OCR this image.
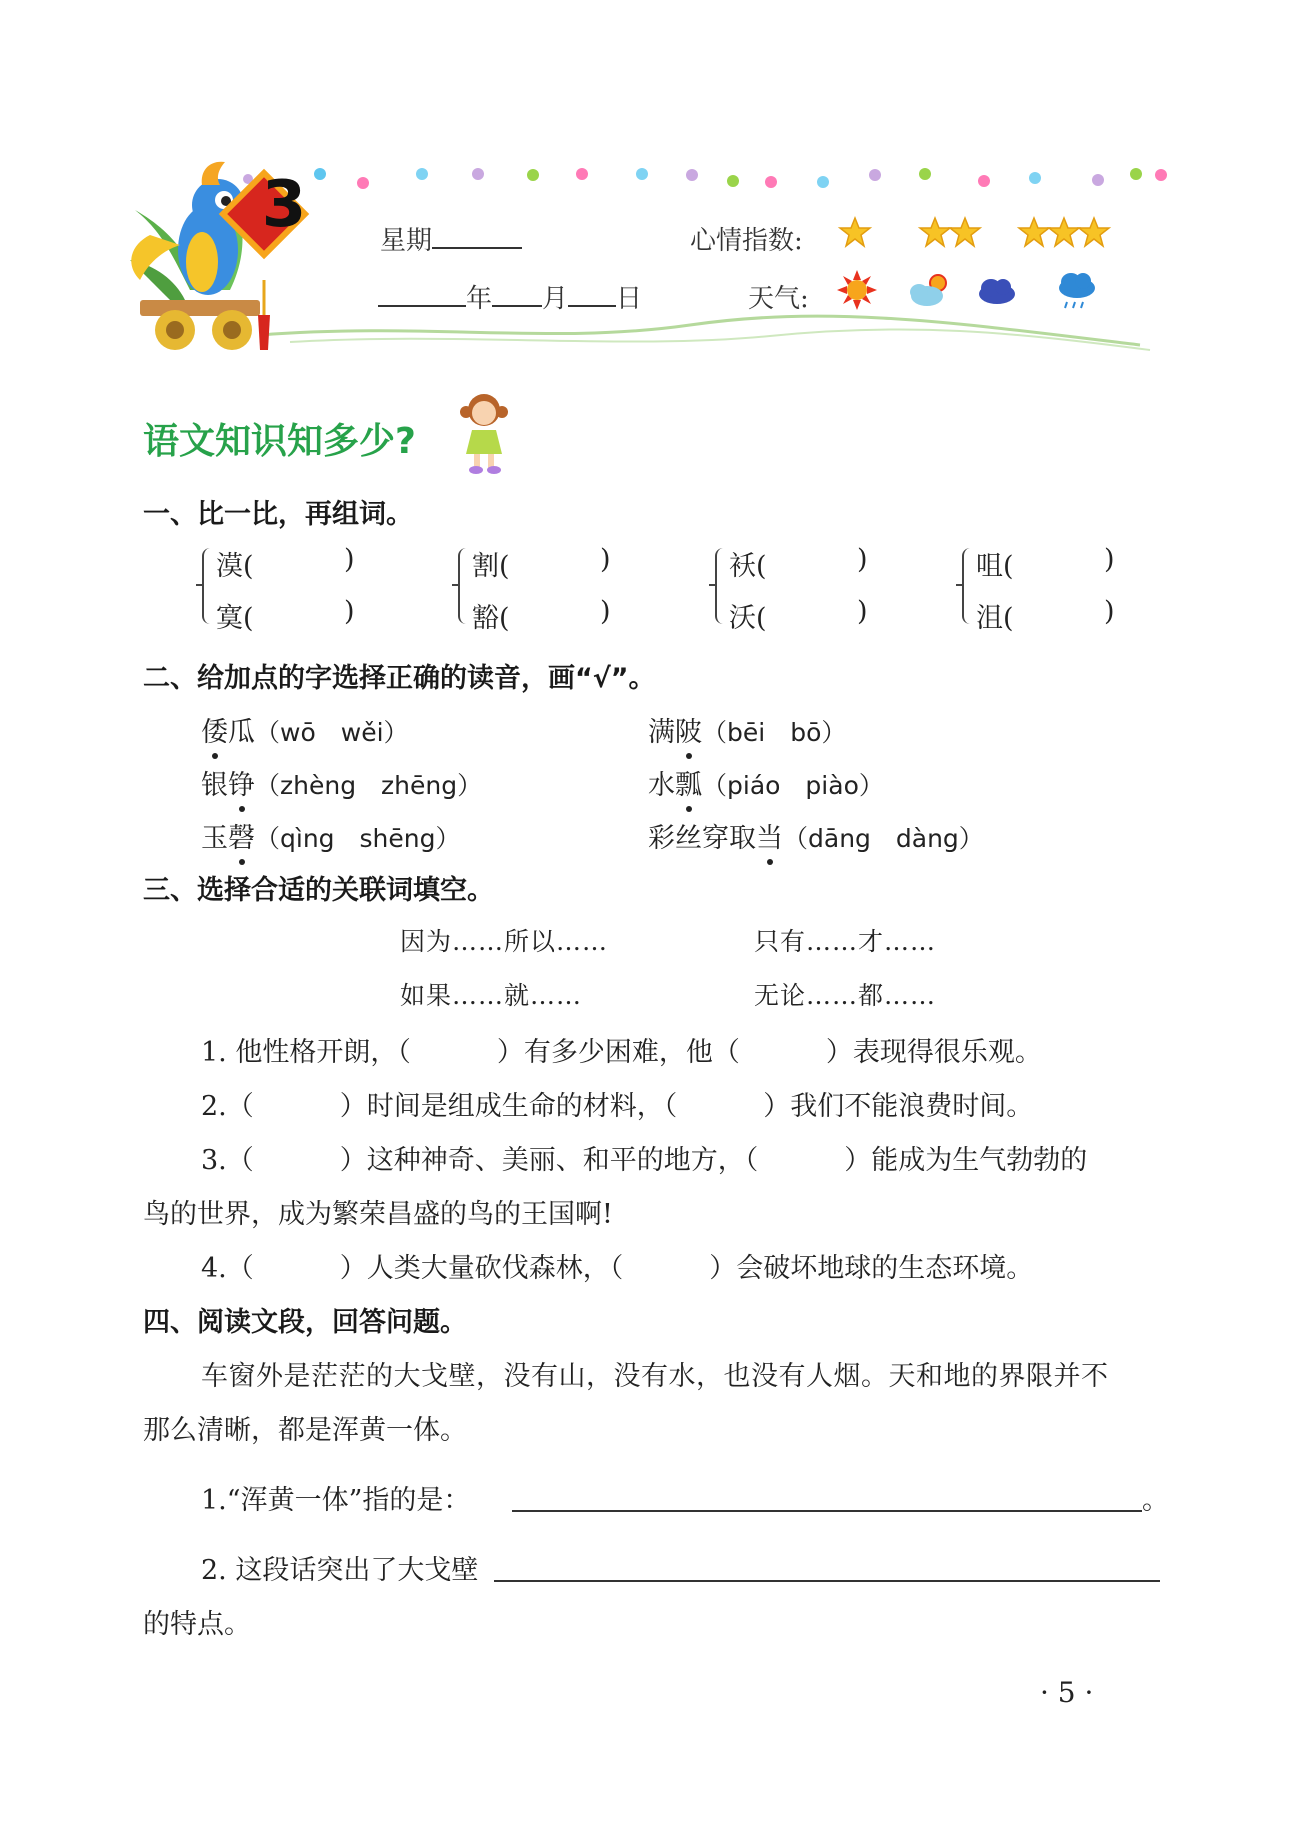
3	星期	心情指数:
年 月 日	天气:
语文知识知多少?
一、比一比，再组词。
漠(	)
寞(	)
割(	)
豁(	)
袄(	)
沃(	)
咀(	)
沮(	)
二、给加点的字选择正确的读音，画“√”。
倭瓜（wō　wěi）	满陂（bēi　bō）
银铮（zhèng　zhēng）	水瓢（piáo　piào）
玉磬（qìng　shēng）	彩丝穿取当（dāng　dàng）
三、选择合适的关联词填空。
因为……所以……	只有……才……
如果……就……	无论……都……
1. 他性格开朗，（	）有多少困难，他（	）表现得很乐观。
2.（	）时间是组成生命的材料，（	）我们不能浪费时间。
3.（	）这种神奇、美丽、和平的地方，（	）能成为生气勃勃的
鸟的世界，成为繁荣昌盛的鸟的王国啊!
4.（	）人类大量砍伐森林，（	）会破坏地球的生态环境。
四、阅读文段，回答问题。
车窗外是茫茫的大戈壁，没有山，没有水，也没有人烟。天和地的界限并不
那么清晰，都是浑黄一体。
1.“浑黄一体”指的是：	。
2. 这段话突出了大戈壁
的特点。
· 5 ·
